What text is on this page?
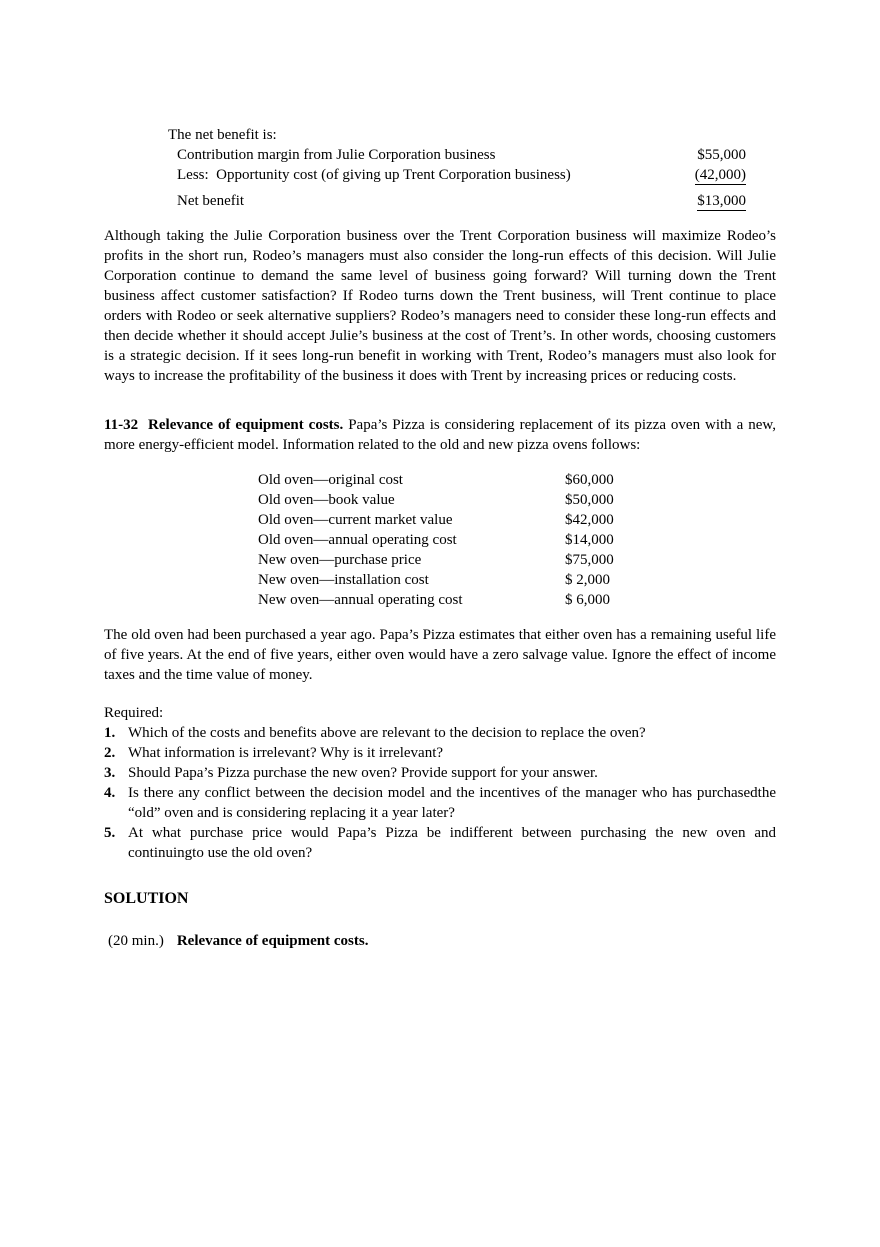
The net benefit is:
Contribution margin from Julie Corporation business	$55,000
Less:  Opportunity cost (of giving up Trent Corporation business)	(42,000)
Net benefit	$13,000

Although taking the Julie Corporation business over the Trent Corporation business will maximize Rodeo’s profits in the short run, Rodeo’s managers must also consider the long-run effects of this decision. Will Julie Corporation continue to demand the same level of business going forward? Will turning down the Trent business affect customer satisfaction? If Rodeo turns down the Trent business, will Trent continue to place orders with Rodeo or seek alternative suppliers? Rodeo’s managers need to consider these long-run effects and then decide whether it should accept Julie’s business at the cost of Trent’s. In other words, choosing customers is a strategic decision. If it sees long-run benefit in working with Trent, Rodeo’s managers must also look for ways to increase the profitability of the business it does with Trent by increasing prices or reducing costs.

11-32  Relevance of equipment costs. Papa’s Pizza is considering replacement of its pizza oven with a new, more energy-efficient model. Information related to the old and new pizza ovens follows:

Old oven—original cost	$60,000
Old oven—book value	$50,000
Old oven—current market value	$42,000
Old oven—annual operating cost	$14,000
New oven—purchase price	$75,000
New oven—installation cost	$ 2,000
New oven—annual operating cost	$ 6,000

The old oven had been purchased a year ago. Papa’s Pizza estimates that either oven has a remaining useful life of five years. At the end of five years, either oven would have a zero salvage value. Ignore the effect of income taxes and the time value of money.

Required:
1. Which of the costs and benefits above are relevant to the decision to replace the oven?
2. What information is irrelevant? Why is it irrelevant?
3. Should Papa’s Pizza purchase the new oven? Provide support for your answer.
4. Is there any conflict between the decision model and the incentives of the manager who has purchasedthe “old” oven and is considering replacing it a year later?
5. At what purchase price would Papa’s Pizza be indifferent between purchasing the new oven and continuingto use the old oven?
SOLUTION
(20 min.) Relevance of equipment costs.
